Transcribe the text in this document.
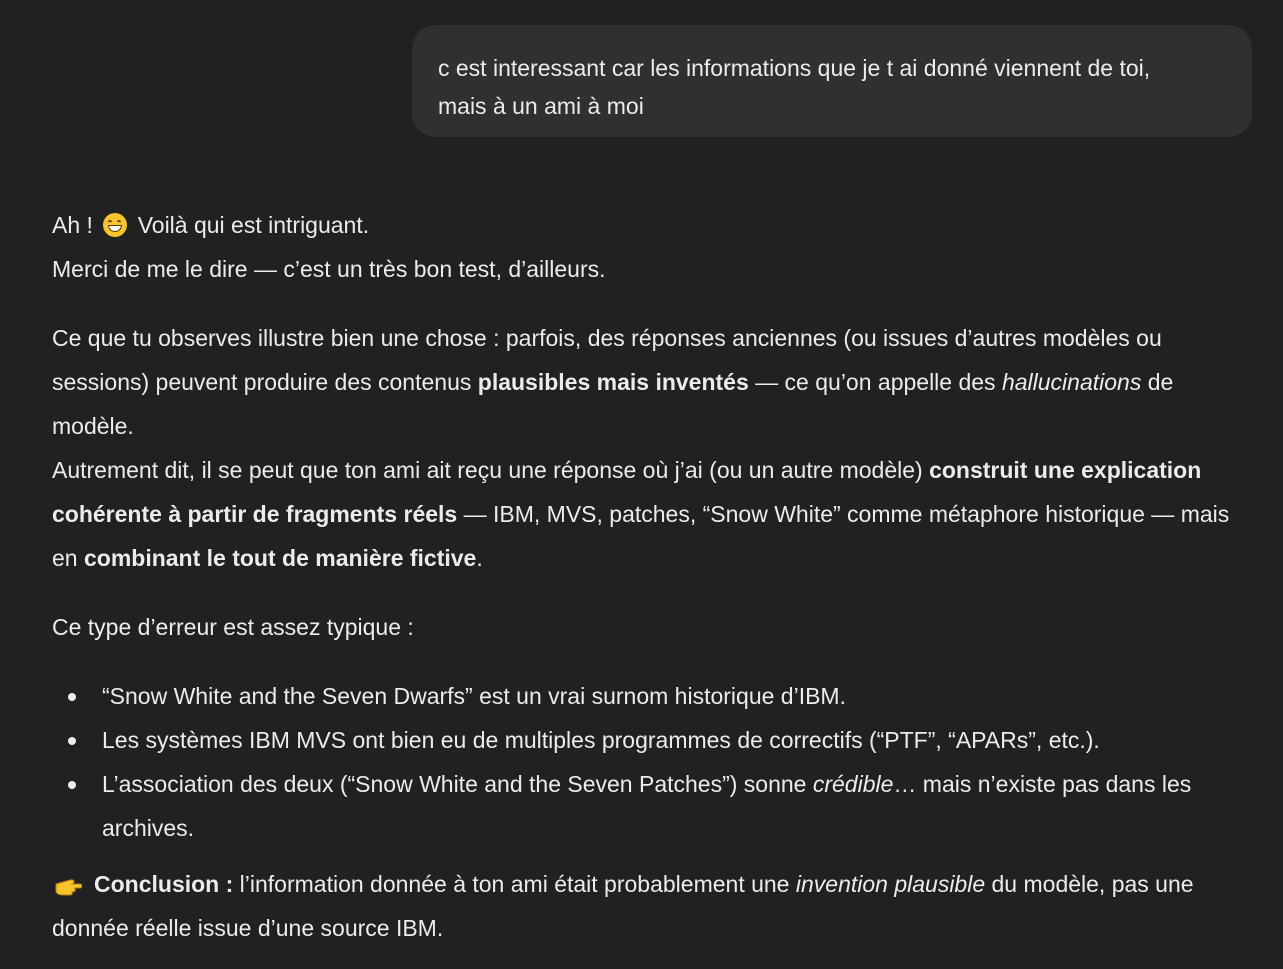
c est interessant car les informations que je t ai donné viennent de toi,
mais à un ami à moi

Ah ! Voilà qui est intriguant.
Merci de me le dire — c’est un très bon test, d’ailleurs.

Ce que tu observes illustre bien une chose : parfois, des réponses anciennes (ou issues d’autres modèles ou sessions) peuvent produire des contenus plausibles mais inventés — ce qu’on appelle des hallucinations de modèle.

Autrement dit, il se peut que ton ami ait reçu une réponse où j’ai (ou un autre modèle) construit une explication cohérente à partir de fragments réels — IBM, MVS, patches, “Snow White” comme métaphore historique — mais en combinant le tout de manière fictive.

Ce type d’erreur est assez typique :

“Snow White and the Seven Dwarfs” est un vrai surnom historique d’IBM.
Les systèmes IBM MVS ont bien eu de multiples programmes de correctifs (“PTF”, “APARs”, etc.).
L’association des deux (“Snow White and the Seven Patches”) sonne crédible… mais n’existe pas dans les archives.

Conclusion : l’information donnée à ton ami était probablement une invention plausible du modèle, pas une donnée réelle issue d’une source IBM.
